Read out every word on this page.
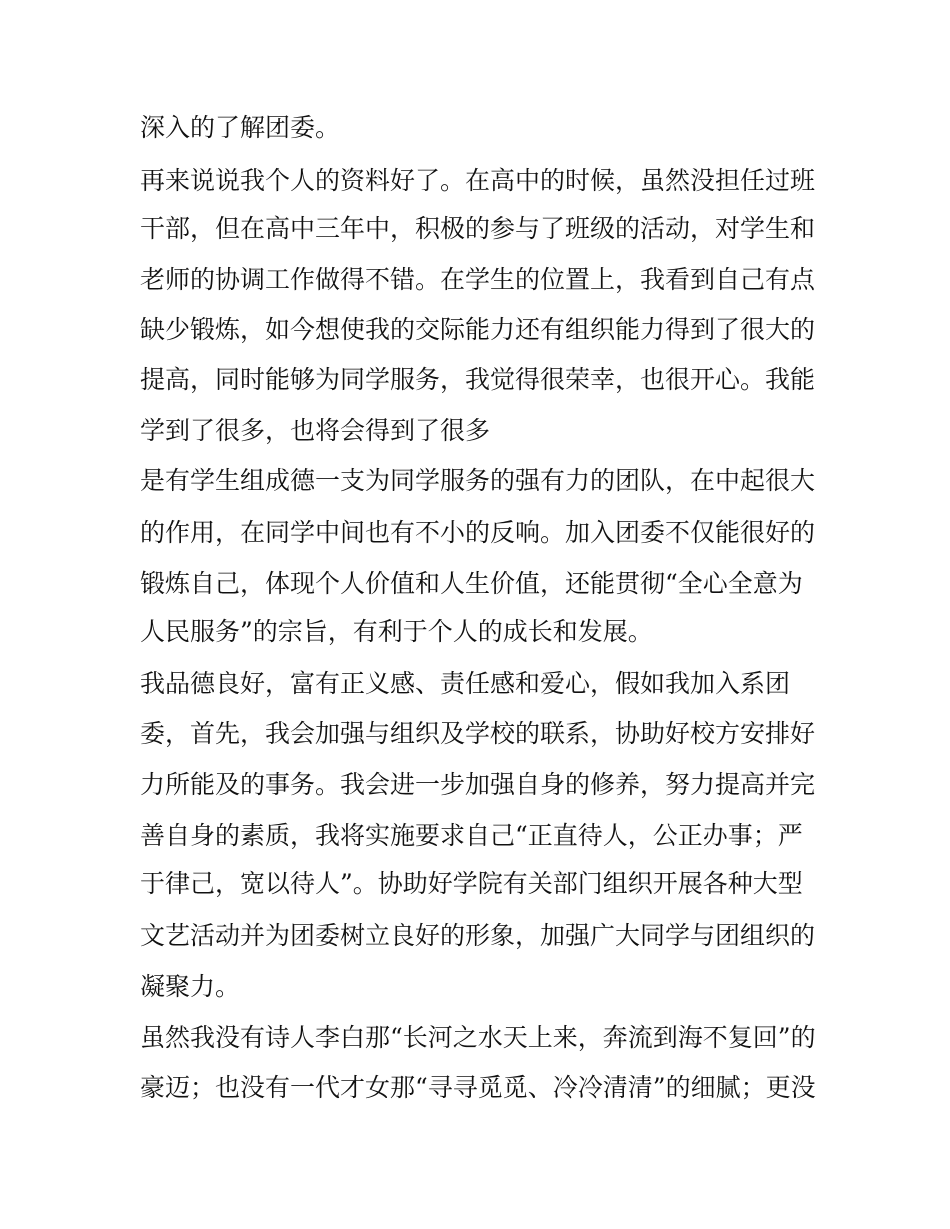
深入的了解团委。
再来说说我个人的资料好了。在高中的时候，虽然没担任过班
干部，但在高中三年中，积极的参与了班级的活动，对学生和
老师的协调工作做得不错。在学生的位置上，我看到自己有点
缺少锻炼，如今想使我的交际能力还有组织能力得到了很大的
提高，同时能够为同学服务，我觉得很荣幸，也很开心。我能
学到了很多，也将会得到了很多
是有学生组成德一支为同学服务的强有力的团队，在中起很大
的作用，在同学中间也有不小的反响。加入团委不仅能很好的
锻炼自己，体现个人价值和人生价值，还能贯彻“全心全意为
人民服务”的宗旨，有利于个人的成长和发展。
我品德良好，富有正义感、责任感和爱心，假如我加入系团
委，首先，我会加强与组织及学校的联系，协助好校方安排好
力所能及的事务。我会进一步加强自身的修养，努力提高并完
善自身的素质，我将实施要求自己“正直待人，公正办事；严
于律己，宽以待人”。协助好学院有关部门组织开展各种大型
文艺活动并为团委树立良好的形象，加强广大同学与团组织的
凝聚力。
虽然我没有诗人李白那“长河之水天上来，奔流到海不复回”的
豪迈；也没有一代才女那“寻寻觅觅、冷冷清清”的细腻；更没
